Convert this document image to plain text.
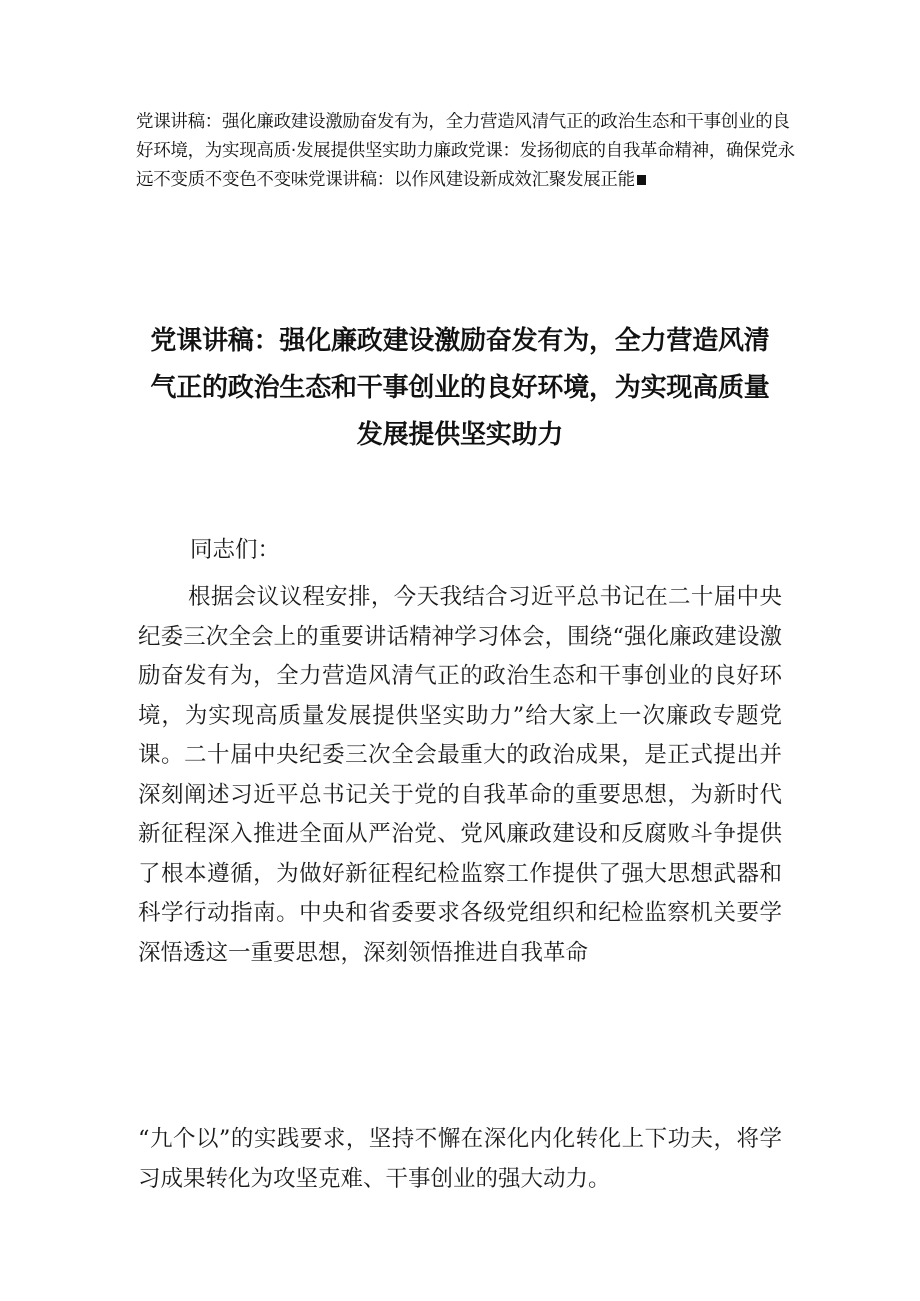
党课讲稿：强化廉政建设激励奋发有为，全力营造风清气正的政治生态和干事创业的良好环境，为实现高质·发展提供坚实助力廉政党课：发扬彻底的自我革命精神，确保党永远不变质不变色不变味党课讲稿：以作风建设新成效汇聚发展正能
党课讲稿：强化廉政建设激励奋发有为，全力营造风清气正的政治生态和干事创业的良好环境，为实现高质量发展提供坚实助力
同志们：
根据会议议程安排，今天我结合习近平总书记在二十届中央纪委三次全会上的重要讲话精神学习体会，围绕“强化廉政建设激励奋发有为，全力营造风清气正的政治生态和干事创业的良好环境，为实现高质量发展提供坚实助力”给大家上一次廉政专题党课。二十届中央纪委三次全会最重大的政治成果，是正式提出并深刻阐述习近平总书记关于党的自我革命的重要思想，为新时代新征程深入推进全面从严治党、党风廉政建设和反腐败斗争提供了根本遵循，为做好新征程纪检监察工作提供了强大思想武器和科学行动指南。中央和省委要求各级党组织和纪检监察机关要学深悟透这一重要思想，深刻领悟推进自我革命
“九个以”的实践要求，坚持不懈在深化内化转化上下功夫，将学习成果转化为攻坚克难、干事创业的强大动力。
